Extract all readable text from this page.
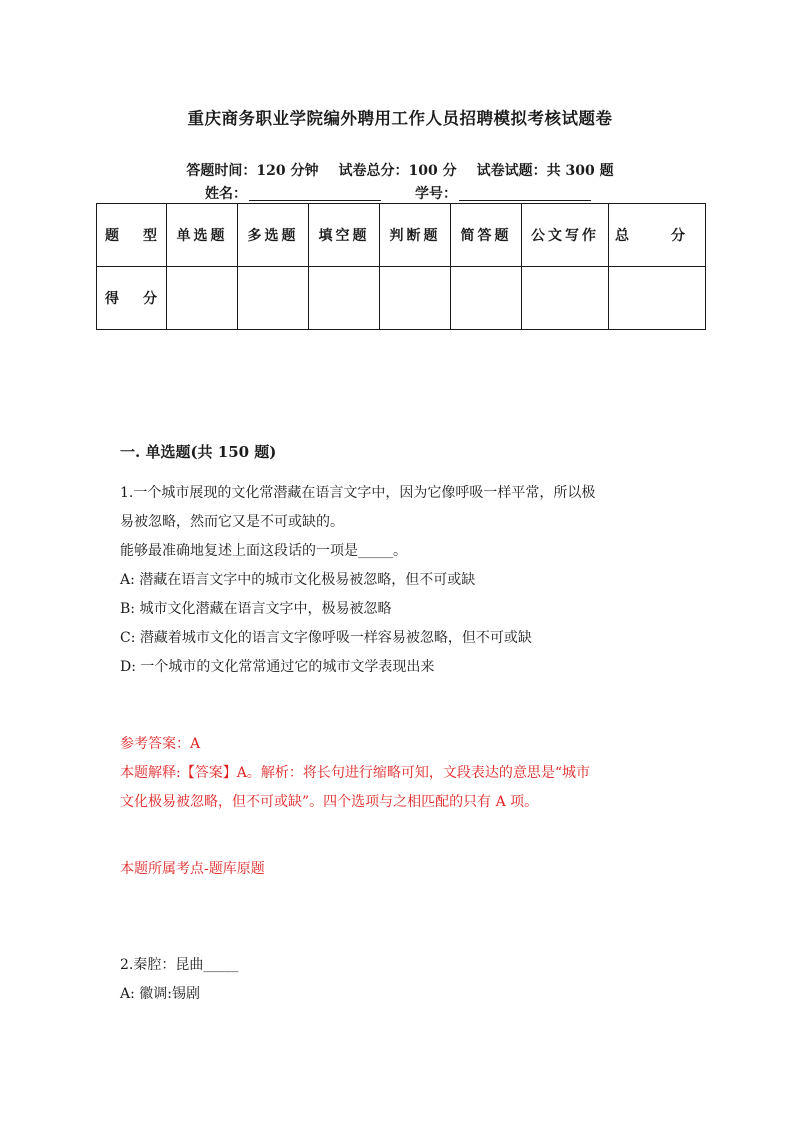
重庆商务职业学院编外聘用工作人员招聘模拟考核试题卷
答题时间：120 分钟 试卷总分：100 分 试卷试题：共 300 题
姓名：	学号：
题 型	单选题	多选题	填空题	判断题	简答题	公文写作	总 分
得 分							
一. 单选题(共 150 题)
1.一个城市展现的文化常潜藏在语言文字中，因为它像呼吸一样平常，所以极
易被忽略，然而它又是不可或缺的。
能够最准确地复述上面这段话的一项是_____。
A: 潜藏在语言文字中的城市文化极易被忽略，但不可或缺
B: 城市文化潜藏在语言文字中，极易被忽略
C: 潜藏着城市文化的语言文字像呼吸一样容易被忽略，但不可或缺
D: 一个城市的文化常常通过它的城市文学表现出来
参考答案：A
本题解释:【答案】A。解析：将长句进行缩略可知，文段表达的意思是“城市
文化极易被忽略，但不可或缺”。四个选项与之相匹配的只有 A 项。
本题所属考点-题库原题
2.秦腔：昆曲_____
A: 徽调:锡剧
